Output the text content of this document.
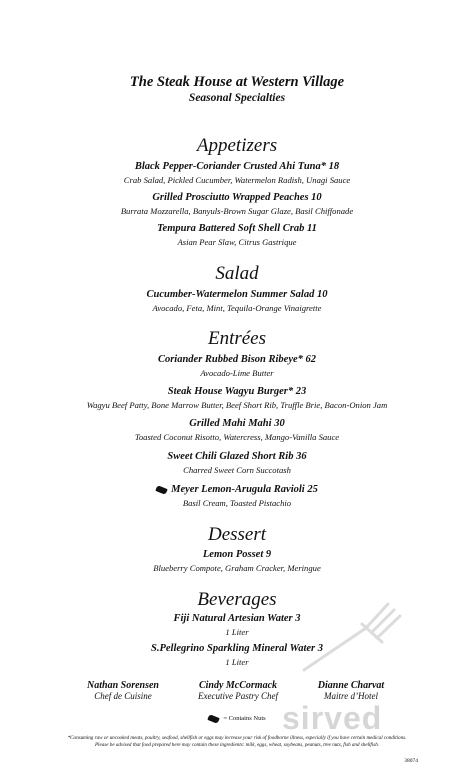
The Steak House at Western Village
Seasonal Specialties
Appetizers
Black Pepper-Coriander Crusted Ahi Tuna* 18
Crab Salad, Pickled Cucumber, Watermelon Radish, Unagi Sauce
Grilled Prosciutto Wrapped Peaches 10
Burrata Mozzarella, Banyuls-Brown Sugar Glaze, Basil Chiffonade
Tempura Battered Soft Shell Crab 11
Asian Pear Slaw, Citrus Gastrique
Salad
Cucumber-Watermelon Summer Salad 10
Avocado, Feta, Mint, Tequila-Orange Vinaigrette
Entrées
Coriander Rubbed Bison Ribeye* 62
Avocado-Lime Butter
Steak House Wagyu Burger* 23
Wagyu Beef Patty, Bone Marrow Butter, Beef Short Rib, Truffle Brie, Bacon-Onion Jam
Grilled Mahi Mahi 30
Toasted Coconut Risotto, Watercress, Mango-Vanilla Sauce
Sweet Chili Glazed Short Rib 36
Charred Sweet Corn Succotash
Meyer Lemon-Arugula Ravioli 25
Basil Cream, Toasted Pistachio
Dessert
Lemon Posset 9
Blueberry Compote, Graham Cracker, Meringue
Beverages
Fiji Natural Artesian Water 3
1 Liter
S.Pellegrino Sparkling Mineral Water 3
1 Liter
sirved
Nathan Sorensen
Chef de Cuisine
Cindy McCormack
Executive Pastry Chef
Dianne Charvat
Maitre d’Hotel
= Contains Nuts
*Consuming raw or uncooked meats, poultry, seafood, shellfish or eggs may increase your risk of foodborne illness, especially if you have certain medical conditions.
Please be advised that food prepared here may contain these ingredients: milk, eggs, wheat, soybeans, peanuts, tree nuts, fish and shellfish.
38074
